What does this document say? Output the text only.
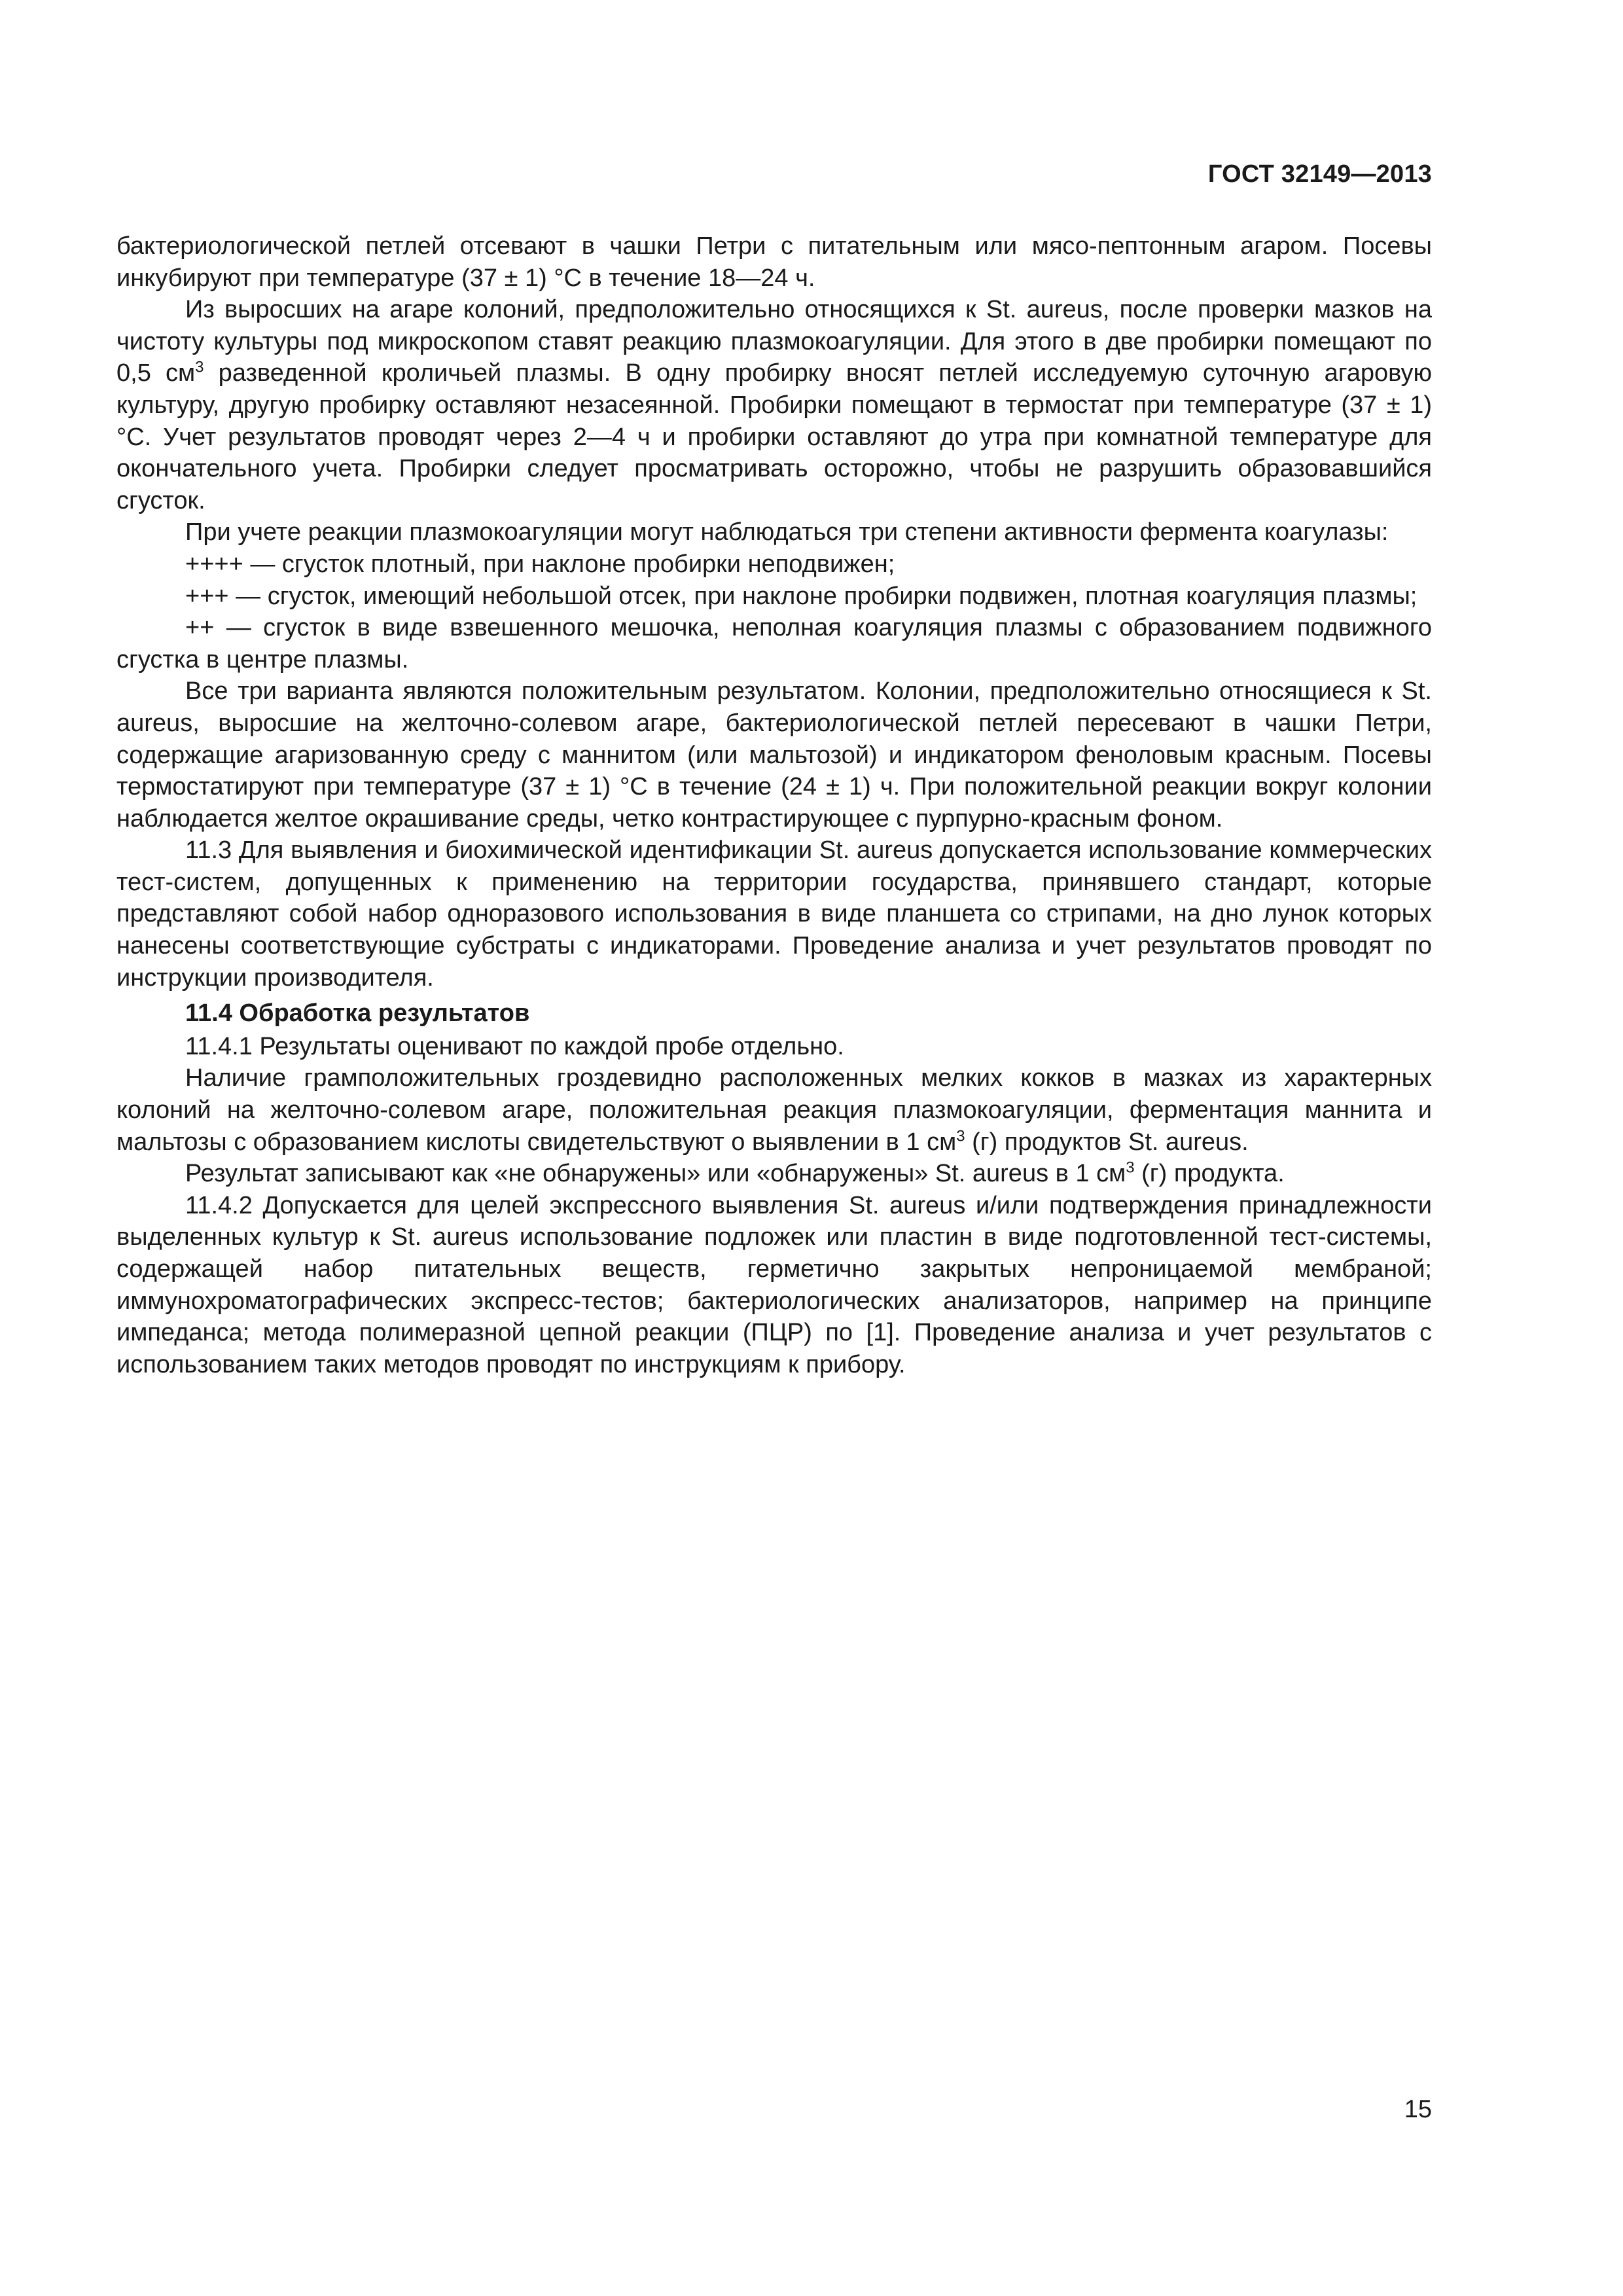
ГОСТ 32149—2013

бактериологической петлей отсевают в чашки Петри с питательным или мясо-пептонным агаром. Посевы инкубируют при температуре (37 ± 1) °С в течение 18—24 ч.

Из выросших на агаре колоний, предположительно относящихся к St. aureus, после проверки мазков на чистоту культуры под микроскопом ставят реакцию плазмокоагуляции. Для этого в две пробирки помещают по 0,5 $см^3$ разведенной кроличьей плазмы. В одну пробирку вносят петлей исследуемую суточную агаровую культуру, другую пробирку оставляют незасеянной. Пробирки помещают в термостат при температуре (37 ± 1) °С. Учет результатов проводят через 2—4 ч и пробирки оставляют до утра при комнатной температуре для окончательного учета. Пробирки следует просматривать осторожно, чтобы не разрушить образовавшийся сгусток.

При учете реакции плазмокоагуляции могут наблюдаться три степени активности фермента коагулазы:

++++ — сгусток плотный, при наклоне пробирки неподвижен;

+++ — сгусток, имеющий небольшой отсек, при наклоне пробирки подвижен, плотная коагуляция плазмы;

++ — сгусток в виде взвешенного мешочка, неполная коагуляция плазмы с образованием подвижного сгустка в центре плазмы.

Все три варианта являются положительным результатом. Колонии, предположительно относящиеся к St. aureus, выросшие на желточно-солевом агаре, бактериологической петлей пересевают в чашки Петри, содержащие агаризованную среду с маннитом (или мальтозой) и индикатором феноловым красным. Посевы термостатируют при температуре (37 ± 1) °С в течение (24 ± 1) ч. При положительной реакции вокруг колонии наблюдается желтое окрашивание среды, четко контрастирующее с пурпурно-красным фоном.

11.3 Для выявления и биохимической идентификации St. aureus допускается использование коммерческих тест-систем, допущенных к применению на территории государства, принявшего стандарт, которые представляют собой набор одноразового использования в виде планшета со стрипами, на дно лунок которых нанесены соответствующие субстраты с индикаторами. Проведение анализа и учет результатов проводят по инструкции производителя.

11.4 Обработка результатов

11.4.1 Результаты оценивают по каждой пробе отдельно.

Наличие грамположительных гроздевидно расположенных мелких кокков в мазках из характерных колоний на желточно-солевом агаре, положительная реакция плазмокоагуляции, ферментация маннита и мальтозы с образованием кислоты свидетельствуют о выявлении в 1 $см^3$ (г) продуктов St. aureus.

Результат записывают как «не обнаружены» или «обнаружены» St. aureus в 1 $см^3$ (г) продукта.

11.4.2 Допускается для целей экспрессного выявления St. aureus и/или подтверждения принадлежности выделенных культур к St. aureus использование подложек или пластин в виде подготовленной тест-системы, содержащей набор питательных веществ, герметично закрытых непроницаемой мембраной; иммунохроматографических экспресс-тестов; бактериологических анализаторов, например на принципе импеданса; метода полимеразной цепной реакции (ПЦР) по [1]. Проведение анализа и учет результатов с использованием таких методов проводят по инструкциям к прибору.

15
